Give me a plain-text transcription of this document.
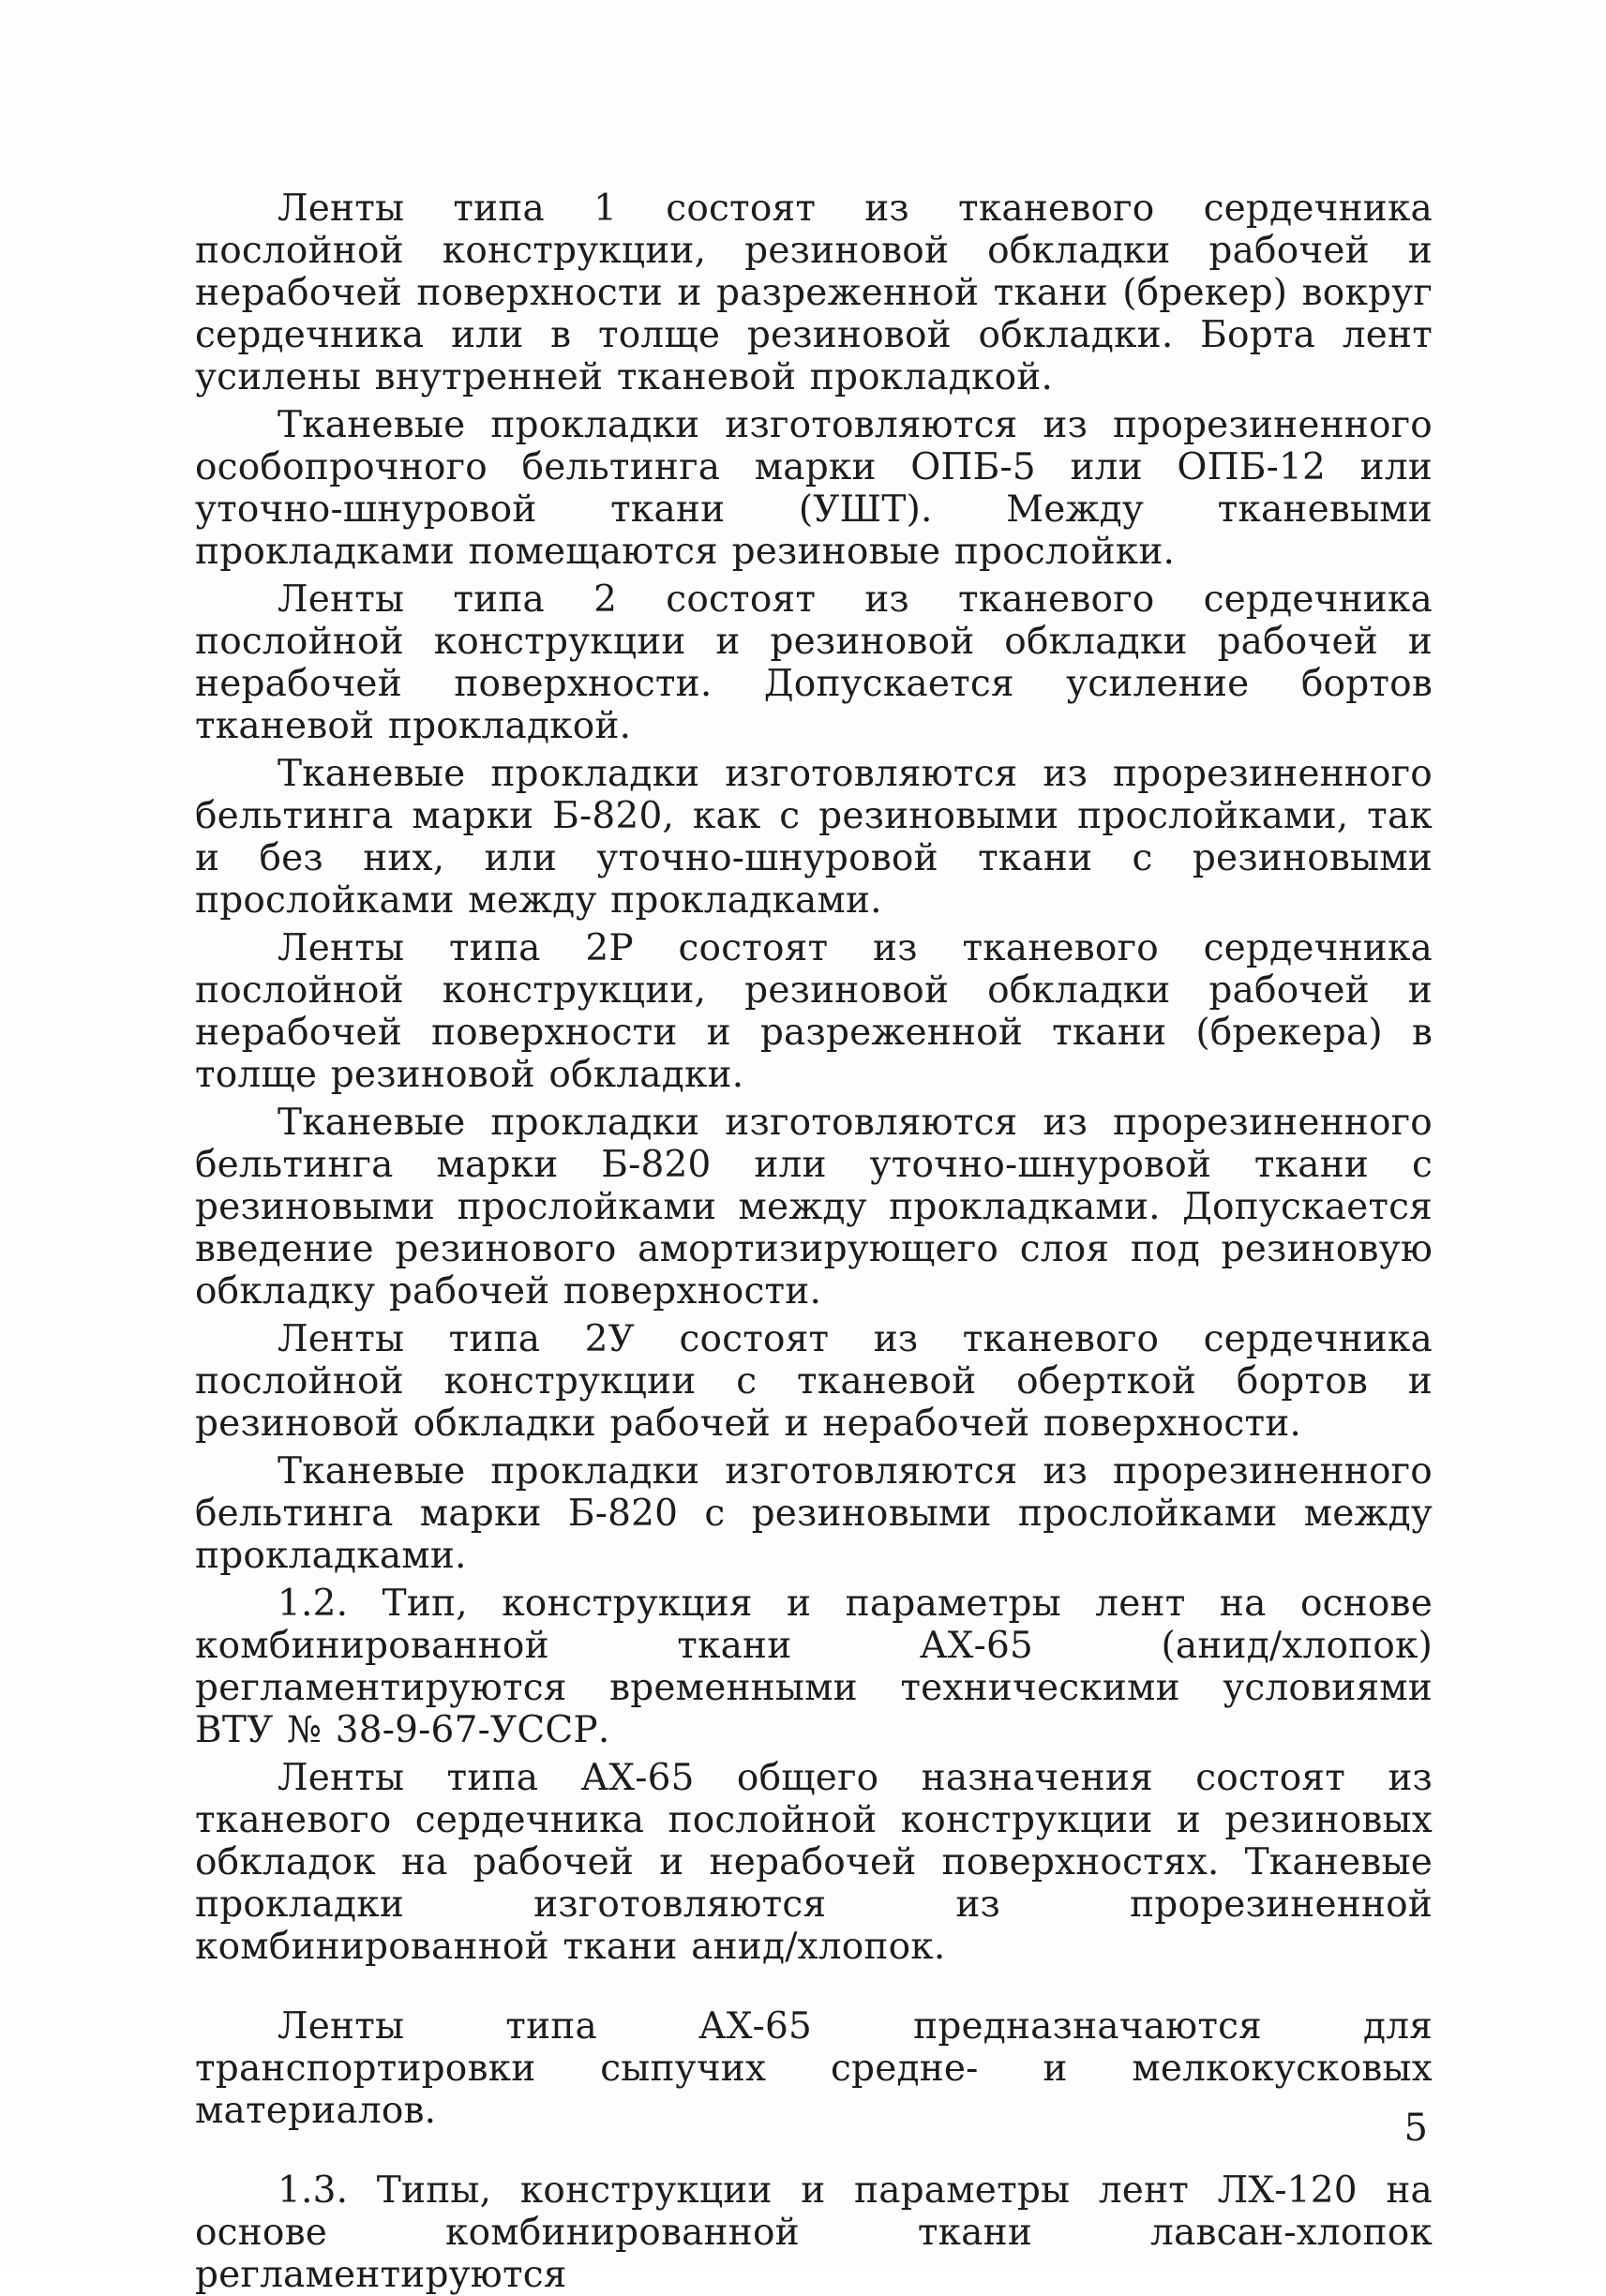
Ленты типа 1 состоят из тканевого сердечника послойной конструкции, резиновой обкладки рабочей и нерабочей поверхности и разреженной ткани (брекер) вокруг сердечника или в толще резиновой обкладки. Борта лент усилены внутренней тканевой прокладкой.

Тканевые прокладки изготовляются из прорезиненного особопрочного бельтинга марки ОПБ-5 или ОПБ-12 или уточно-шнуровой ткани (УШТ). Между тканевыми прокладками помещаются резиновые прослойки.

Ленты типа 2 состоят из тканевого сердечника послойной конструкции и резиновой обкладки рабочей и нерабочей поверхности. Допускается усиление бортов тканевой прокладкой.

Тканевые прокладки изготовляются из прорезиненного бельтинга марки Б-820, как с резиновыми прослойками, так и без них, или уточно-шнуровой ткани с резиновыми прослойками между прокладками.

Ленты типа 2Р состоят из тканевого сердечника послойной конструкции, резиновой обкладки рабочей и нерабочей поверхности и разреженной ткани (брекера) в толще резиновой обкладки.

Тканевые прокладки изготовляются из прорезиненного бельтинга марки Б-820 или уточно-шнуровой ткани с резиновыми прослойками между прокладками. Допускается введение резинового амортизирующего слоя под резиновую обкладку рабочей поверхности.

Ленты типа 2У состоят из тканевого сердечника послойной конструкции с тканевой оберткой бортов и резиновой обкладки рабочей и нерабочей поверхности.

Тканевые прокладки изготовляются из прорезиненного бельтинга марки Б-820 с резиновыми прослойками между прокладками.

1.2. Тип, конструкция и параметры лент на основе комбинированной ткани АХ-65 (анид/хлопок) регламентируются временными техническими условиями ВТУ № 38-9-67-УССР.

Ленты типа АХ-65 общего назначения состоят из тканевого сердечника послойной конструкции и резиновых обкладок на рабочей и нерабочей поверхностях. Тканевые прокладки изготовляются из прорезиненной комбинированной ткани анид/хлопок.

Ленты типа АХ-65 предназначаются для транспортировки сыпучих средне- и мелкокусковых материалов.

1.3. Типы, конструкции и параметры лент ЛХ-120 на основе комбинированной ткани лавсан-хлопок регламентируются

5
